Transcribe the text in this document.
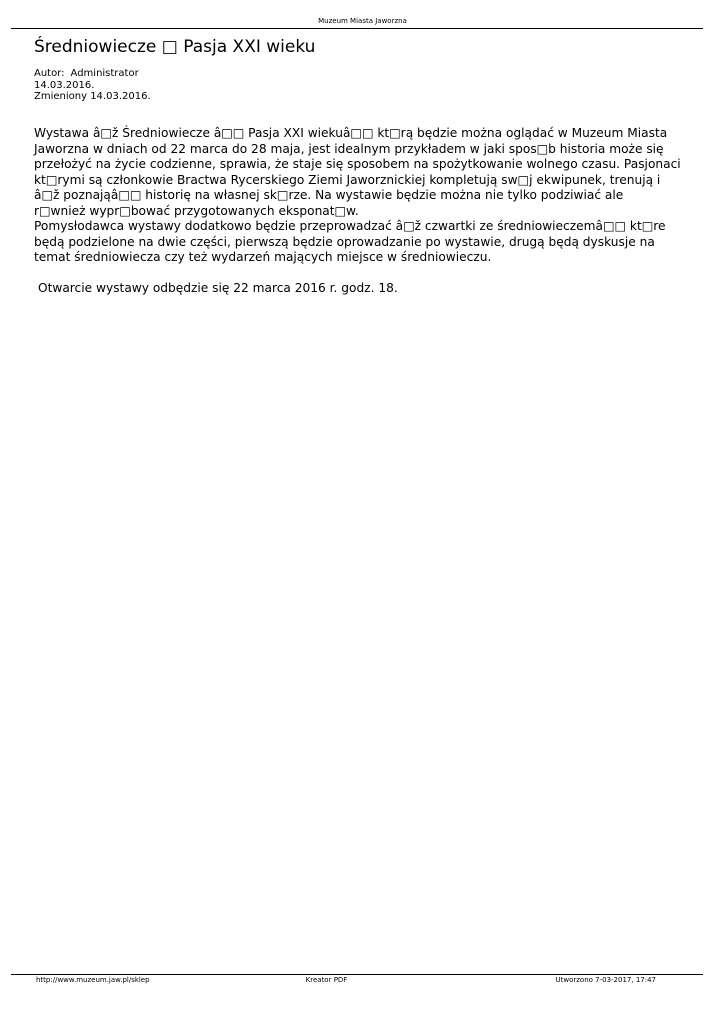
Muzeum Miasta Jaworzna
Średniowiecze □ Pasja XXI wieku
Autor: Administrator
14.03.2016.
Zmieniony 14.03.2016.
Wystawa â□ž Średniowiecze â□□ Pasja XXI wiekuâ□□ kt□rą będzie można oglądać w Muzeum Miasta
Jaworzna w dniach od 22 marca do 28 maja, jest idealnym przykładem w jaki spos□b historia może się
przełożyć na życie codzienne, sprawia, że staje się sposobem na spożytkowanie wolnego czasu. Pasjonaci
kt□rymi są członkowie Bractwa Rycerskiego Ziemi Jaworznickiej kompletują sw□j ekwipunek, trenują i
â□ž poznająâ□□ historię na własnej sk□rze. Na wystawie będzie można nie tylko podziwiać ale
r□wnież wypr□bować przygotowanych eksponat□w.
Pomysłodawca wystawy dodatkowo będzie przeprowadzać â□ž czwartki ze średniowieczemâ□□ kt□re
będą podzielone na dwie części, pierwszą będzie oprowadzanie po wystawie, drugą będą dyskusje na
temat średniowiecza czy też wydarzeń mających miejsce w średniowieczu.
Otwarcie wystawy odbędzie się 22 marca 2016 r. godz. 18.
http://www.muzeum.jaw.pl/sklep	Kreator PDF	Utworzono 7-03-2017, 17:47
